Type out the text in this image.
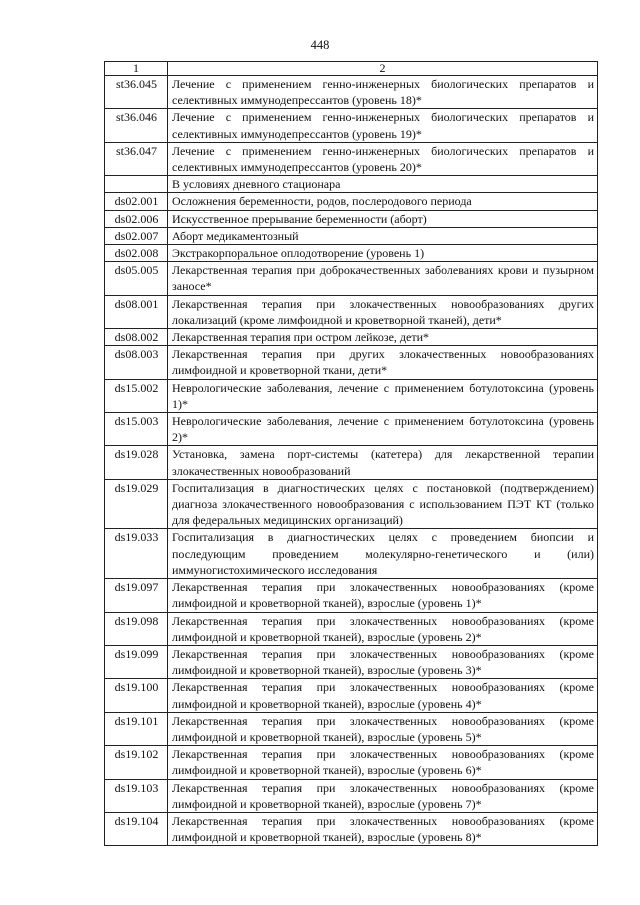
448
1	2
st36.045	Лечение с применением генно-инженерных биологических препаратов и селективных иммунодепрессантов (уровень 18)*
st36.046	Лечение с применением генно-инженерных биологических препаратов и селективных иммунодепрессантов (уровень 19)*
st36.047	Лечение с применением генно-инженерных биологических препаратов и селективных иммунодепрессантов (уровень 20)*
	В условиях дневного стационара
ds02.001	Осложнения беременности, родов, послеродового периода
ds02.006	Искусственное прерывание беременности (аборт)
ds02.007	Аборт медикаментозный
ds02.008	Экстракорпоральное оплодотворение (уровень 1)
ds05.005	Лекарственная терапия при доброкачественных заболеваниях крови и пузырном заносе*
ds08.001	Лекарственная терапия при злокачественных новообразованиях других локализаций (кроме лимфоидной и кроветворной тканей), дети*
ds08.002	Лекарственная терапия при остром лейкозе, дети*
ds08.003	Лекарственная терапия при других злокачественных новообразованиях лимфоидной и кроветворной ткани, дети*
ds15.002	Неврологические заболевания, лечение с применением ботулотоксина (уровень 1)*
ds15.003	Неврологические заболевания, лечение с применением ботулотоксина (уровень 2)*
ds19.028	Установка, замена порт-системы (катетера) для лекарственной терапии злокачественных новообразований
ds19.029	Госпитализация в диагностических целях с постановкой (подтверждением) диагноза злокачественного новообразования с использованием ПЭТ КТ (только для федеральных медицинских организаций)
ds19.033	Госпитализация в диагностических целях с проведением биопсии и последующим проведением молекулярно-генетического и (или) иммуногистохимического исследования
ds19.097	Лекарственная терапия при злокачественных новообразованиях (кроме лимфоидной и кроветворной тканей), взрослые (уровень 1)*
ds19.098	Лекарственная терапия при злокачественных новообразованиях (кроме лимфоидной и кроветворной тканей), взрослые (уровень 2)*
ds19.099	Лекарственная терапия при злокачественных новообразованиях (кроме лимфоидной и кроветворной тканей), взрослые (уровень 3)*
ds19.100	Лекарственная терапия при злокачественных новообразованиях (кроме лимфоидной и кроветворной тканей), взрослые (уровень 4)*
ds19.101	Лекарственная терапия при злокачественных новообразованиях (кроме лимфоидной и кроветворной тканей), взрослые (уровень 5)*
ds19.102	Лекарственная терапия при злокачественных новообразованиях (кроме лимфоидной и кроветворной тканей), взрослые (уровень 6)*
ds19.103	Лекарственная терапия при злокачественных новообразованиях (кроме лимфоидной и кроветворной тканей), взрослые (уровень 7)*
ds19.104	Лекарственная терапия при злокачественных новообразованиях (кроме лимфоидной и кроветворной тканей), взрослые (уровень 8)*
